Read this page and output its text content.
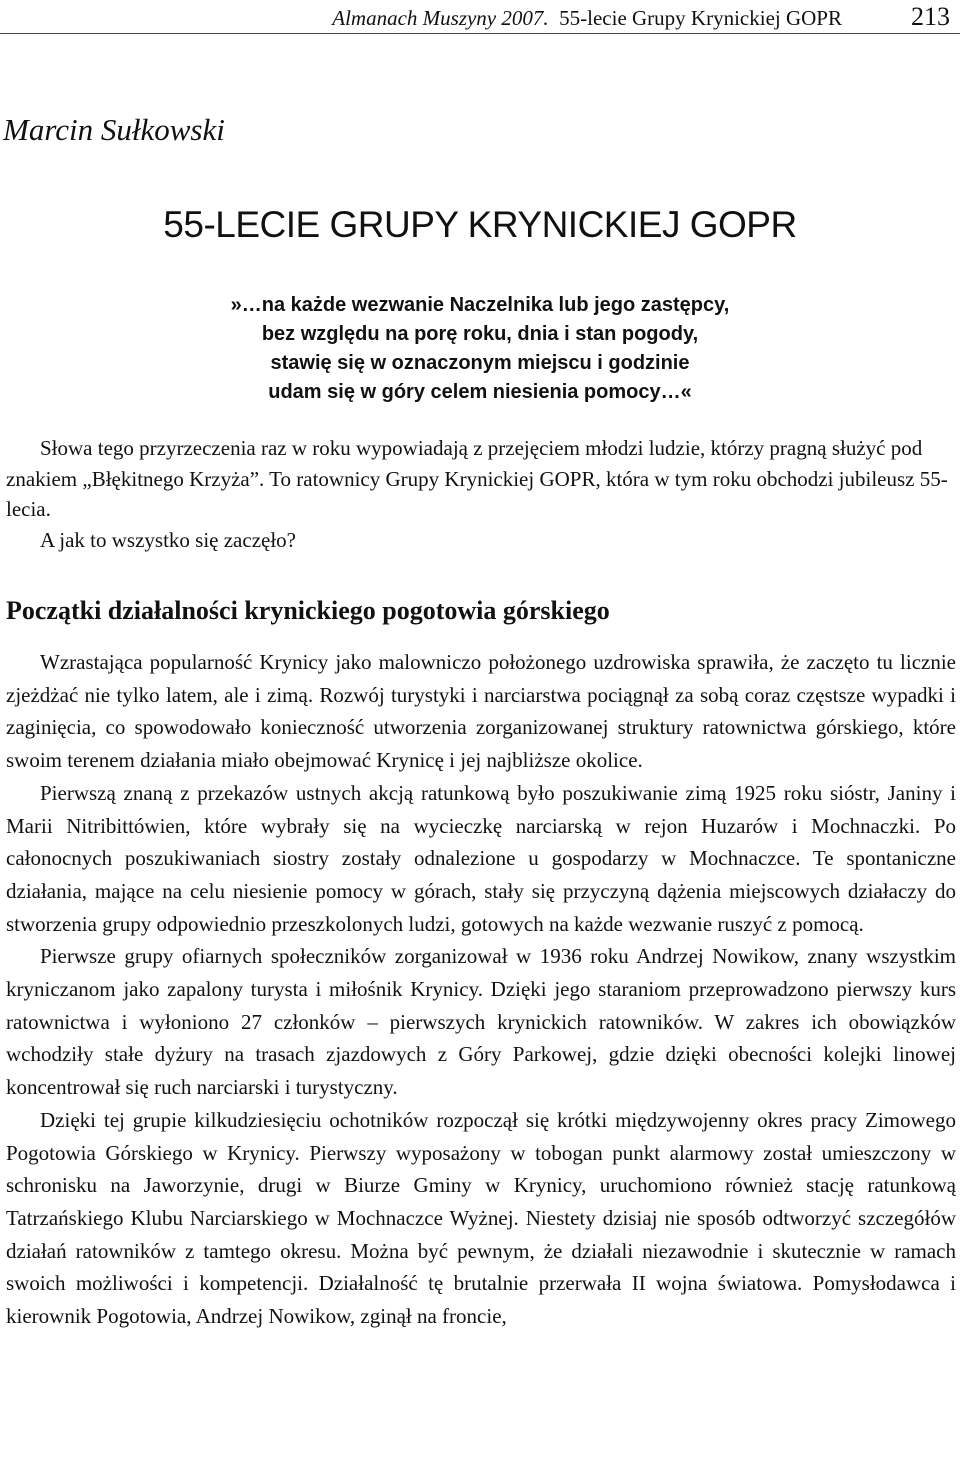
Almanach Muszyny 2007. 55-lecie Grupy Krynickiej GOPR	213
Marcin Sułkowski
55-LECIE GRUPY KRYNICKIEJ GOPR
»…na każde wezwanie Naczelnika lub jego zastępcy,
bez względu na porę roku, dnia i stan pogody,
stawię się w oznaczonym miejscu i godzinie
udam się w góry celem niesienia pomocy…«

Słowa tego przyrzeczenia raz w roku wypowiadają z przejęciem młodzi ludzie, którzy pragną służyć pod znakiem „Błękitnego Krzyża”. To ratownicy Grupy Krynickiej GOPR, która w tym roku obchodzi jubileusz 55-lecia.

A jak to wszystko się zaczęło?

Początki działalności krynickiego pogotowia górskiego

Wzrastająca popularność Krynicy jako malowniczo położonego uzdrowiska sprawiła, że zaczęto tu licznie zjeżdżać nie tylko latem, ale i zimą. Rozwój turystyki i narciarstwa pociągnął za sobą coraz częstsze wypadki i zaginięcia, co spowodowało konieczność utworzenia zorganizowanej struktury ratownictwa górskiego, które swoim terenem działania miało obejmować Krynicę i jej najbliższe okolice.

Pierwszą znaną z przekazów ustnych akcją ratunkową było poszukiwanie zimą 1925 roku sióstr, Janiny i Marii Nitribittówien, które wybrały się na wycieczkę narciarską w rejon Huzarów i Mochnaczki. Po całonocnych poszukiwaniach siostry zostały odnalezione u gospodarzy w Mochnaczce. Te spontaniczne działania, mające na celu niesienie pomocy w górach, stały się przyczyną dążenia miejscowych działaczy do stworzenia grupy odpowiednio przeszkolonych ludzi, gotowych na każde wezwanie ruszyć z pomocą.

Pierwsze grupy ofiarnych społeczników zorganizował w 1936 roku Andrzej Nowikow, znany wszystkim kryniczanom jako zapalony turysta i miłośnik Krynicy. Dzięki jego staraniom przeprowadzono pierwszy kurs ratownictwa i wyłoniono 27 członków – pierwszych krynickich ratowników. W zakres ich obowiązków wchodziły stałe dyżury na trasach zjazdowych z Góry Parkowej, gdzie dzięki obecności kolejki linowej koncentrował się ruch narciarski i turystyczny.

Dzięki tej grupie kilkudziesięciu ochotników rozpoczął się krótki międzywojenny okres pracy Zimowego Pogotowia Górskiego w Krynicy. Pierwszy wyposażony w tobogan punkt alarmowy został umieszczony w schronisku na Jaworzynie, drugi w Biurze Gminy w Krynicy, uruchomiono również stację ratunkową Tatrzańskiego Klubu Narciarskiego w Mochnaczce Wyżnej. Niestety dzisiaj nie sposób odtworzyć szczegółów działań ratowników z tamtego okresu. Można być pewnym, że działali niezawodnie i skutecznie w ramach swoich możliwości i kompetencji. Działalność tę brutalnie przerwała II wojna światowa. Pomysłodawca i kierownik Pogotowia, Andrzej Nowikow, zginął na froncie,
